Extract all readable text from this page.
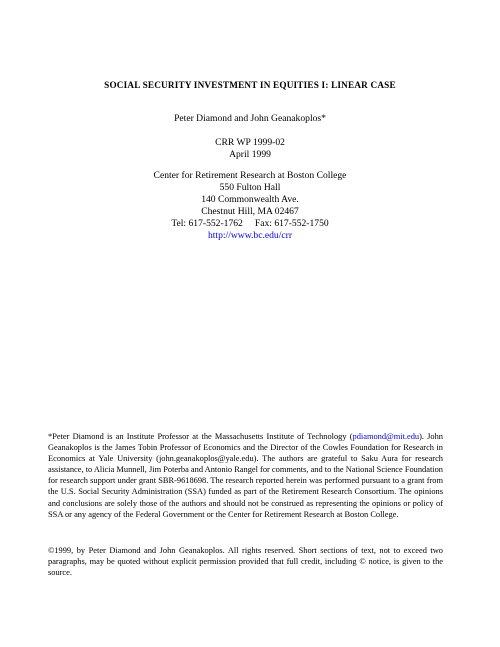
SOCIAL SECURITY INVESTMENT IN EQUITIES I: LINEAR CASE
Peter Diamond and John Geanakoplos*
CRR WP 1999-02
April 1999
Center for Retirement Research at Boston College
550 Fulton Hall
140 Commonwealth Ave.
Chestnut Hill, MA 02467
Tel: 617-552-1762 Fax: 617-552-1750
http://www.bc.edu/crr

*Peter Diamond is an Institute Professor at the Massachusetts Institute of Technology (pdiamond@mit.edu). John Geanakoplos is the James Tobin Professor of Economics and the Director of the Cowles Foundation for Research in Economics at Yale University (john.geanakoplos@yale.edu). The authors are grateful to Saku Aura for research assistance, to Alicia Munnell, Jim Poterba and Antonio Rangel for comments, and to the National Science Foundation for research support under grant SBR-9618698. The research reported herein was performed pursuant to a grant from the U.S. Social Security Administration (SSA) funded as part of the Retirement Research Consortium. The opinions and conclusions are solely those of the authors and should not be construed as representing the opinions or policy of SSA or any agency of the Federal Government or the Center for Retirement Research at Boston College.

©1999, by Peter Diamond and John Geanakoplos. All rights reserved. Short sections of text, not to exceed two paragraphs, may be quoted without explicit permission provided that full credit, including © notice, is given to the source.
